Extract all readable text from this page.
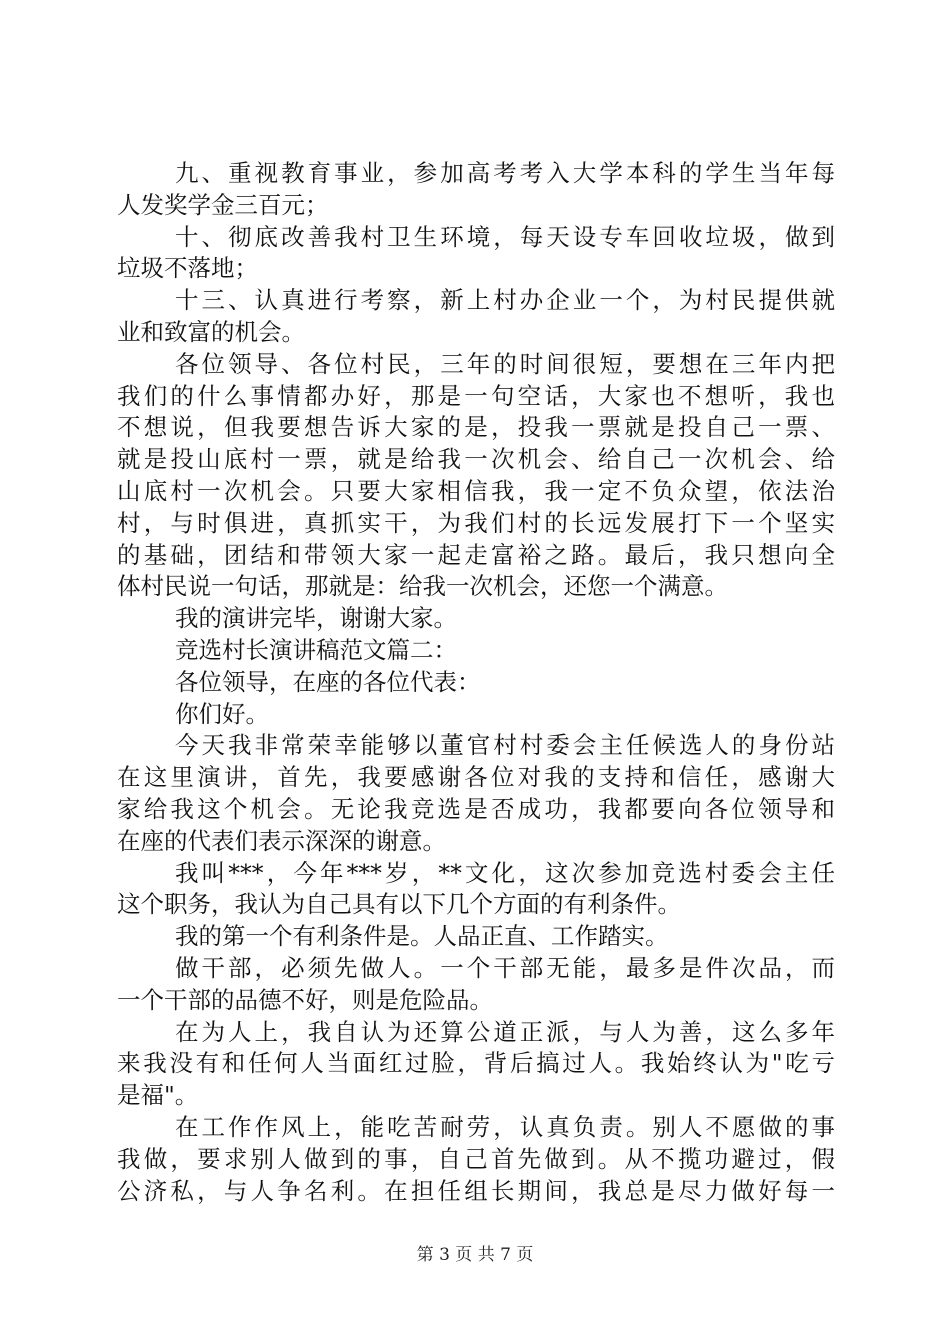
九、重视教育事业，参加高考考入大学本科的学生当年每
人发奖学金三百元；
十、彻底改善我村卫生环境，每天设专车回收垃圾，做到
垃圾不落地；
十三、认真进行考察，新上村办企业一个，为村民提供就
业和致富的机会。
各位领导、各位村民，三年的时间很短，要想在三年内把
我们的什么事情都办好，那是一句空话，大家也不想听，我也
不想说，但我要想告诉大家的是，投我一票就是投自己一票、
就是投山底村一票，就是给我一次机会、给自己一次机会、给
山底村一次机会。只要大家相信我，我一定不负众望，依法治
村，与时俱进，真抓实干，为我们村的长远发展打下一个坚实
的基础，团结和带领大家一起走富裕之路。最后，我只想向全
体村民说一句话，那就是：给我一次机会，还您一个满意。
我的演讲完毕，谢谢大家。
竞选村长演讲稿范文篇二：
各位领导，在座的各位代表：
你们好。
今天我非常荣幸能够以董官村村委会主任候选人的身份站
在这里演讲，首先，我要感谢各位对我的支持和信任，感谢大
家给我这个机会。无论我竞选是否成功，我都要向各位领导和
在座的代表们表示深深的谢意。
我叫***，今年***岁，**文化，这次参加竞选村委会主任
这个职务，我认为自己具有以下几个方面的有利条件。
我的第一个有利条件是。人品正直、工作踏实。
做干部，必须先做人。一个干部无能，最多是件次品，而
一个干部的品德不好，则是危险品。
在为人上，我自认为还算公道正派，与人为善，这么多年
来我没有和任何人当面红过脸，背后搞过人。我始终认为"吃亏
是福"。
在工作作风上，能吃苦耐劳，认真负责。别人不愿做的事
我做，要求别人做到的事，自己首先做到。从不揽功避过，假
公济私，与人争名利。在担任组长期间，我总是尽力做好每一
第 3 页 共 7 页
